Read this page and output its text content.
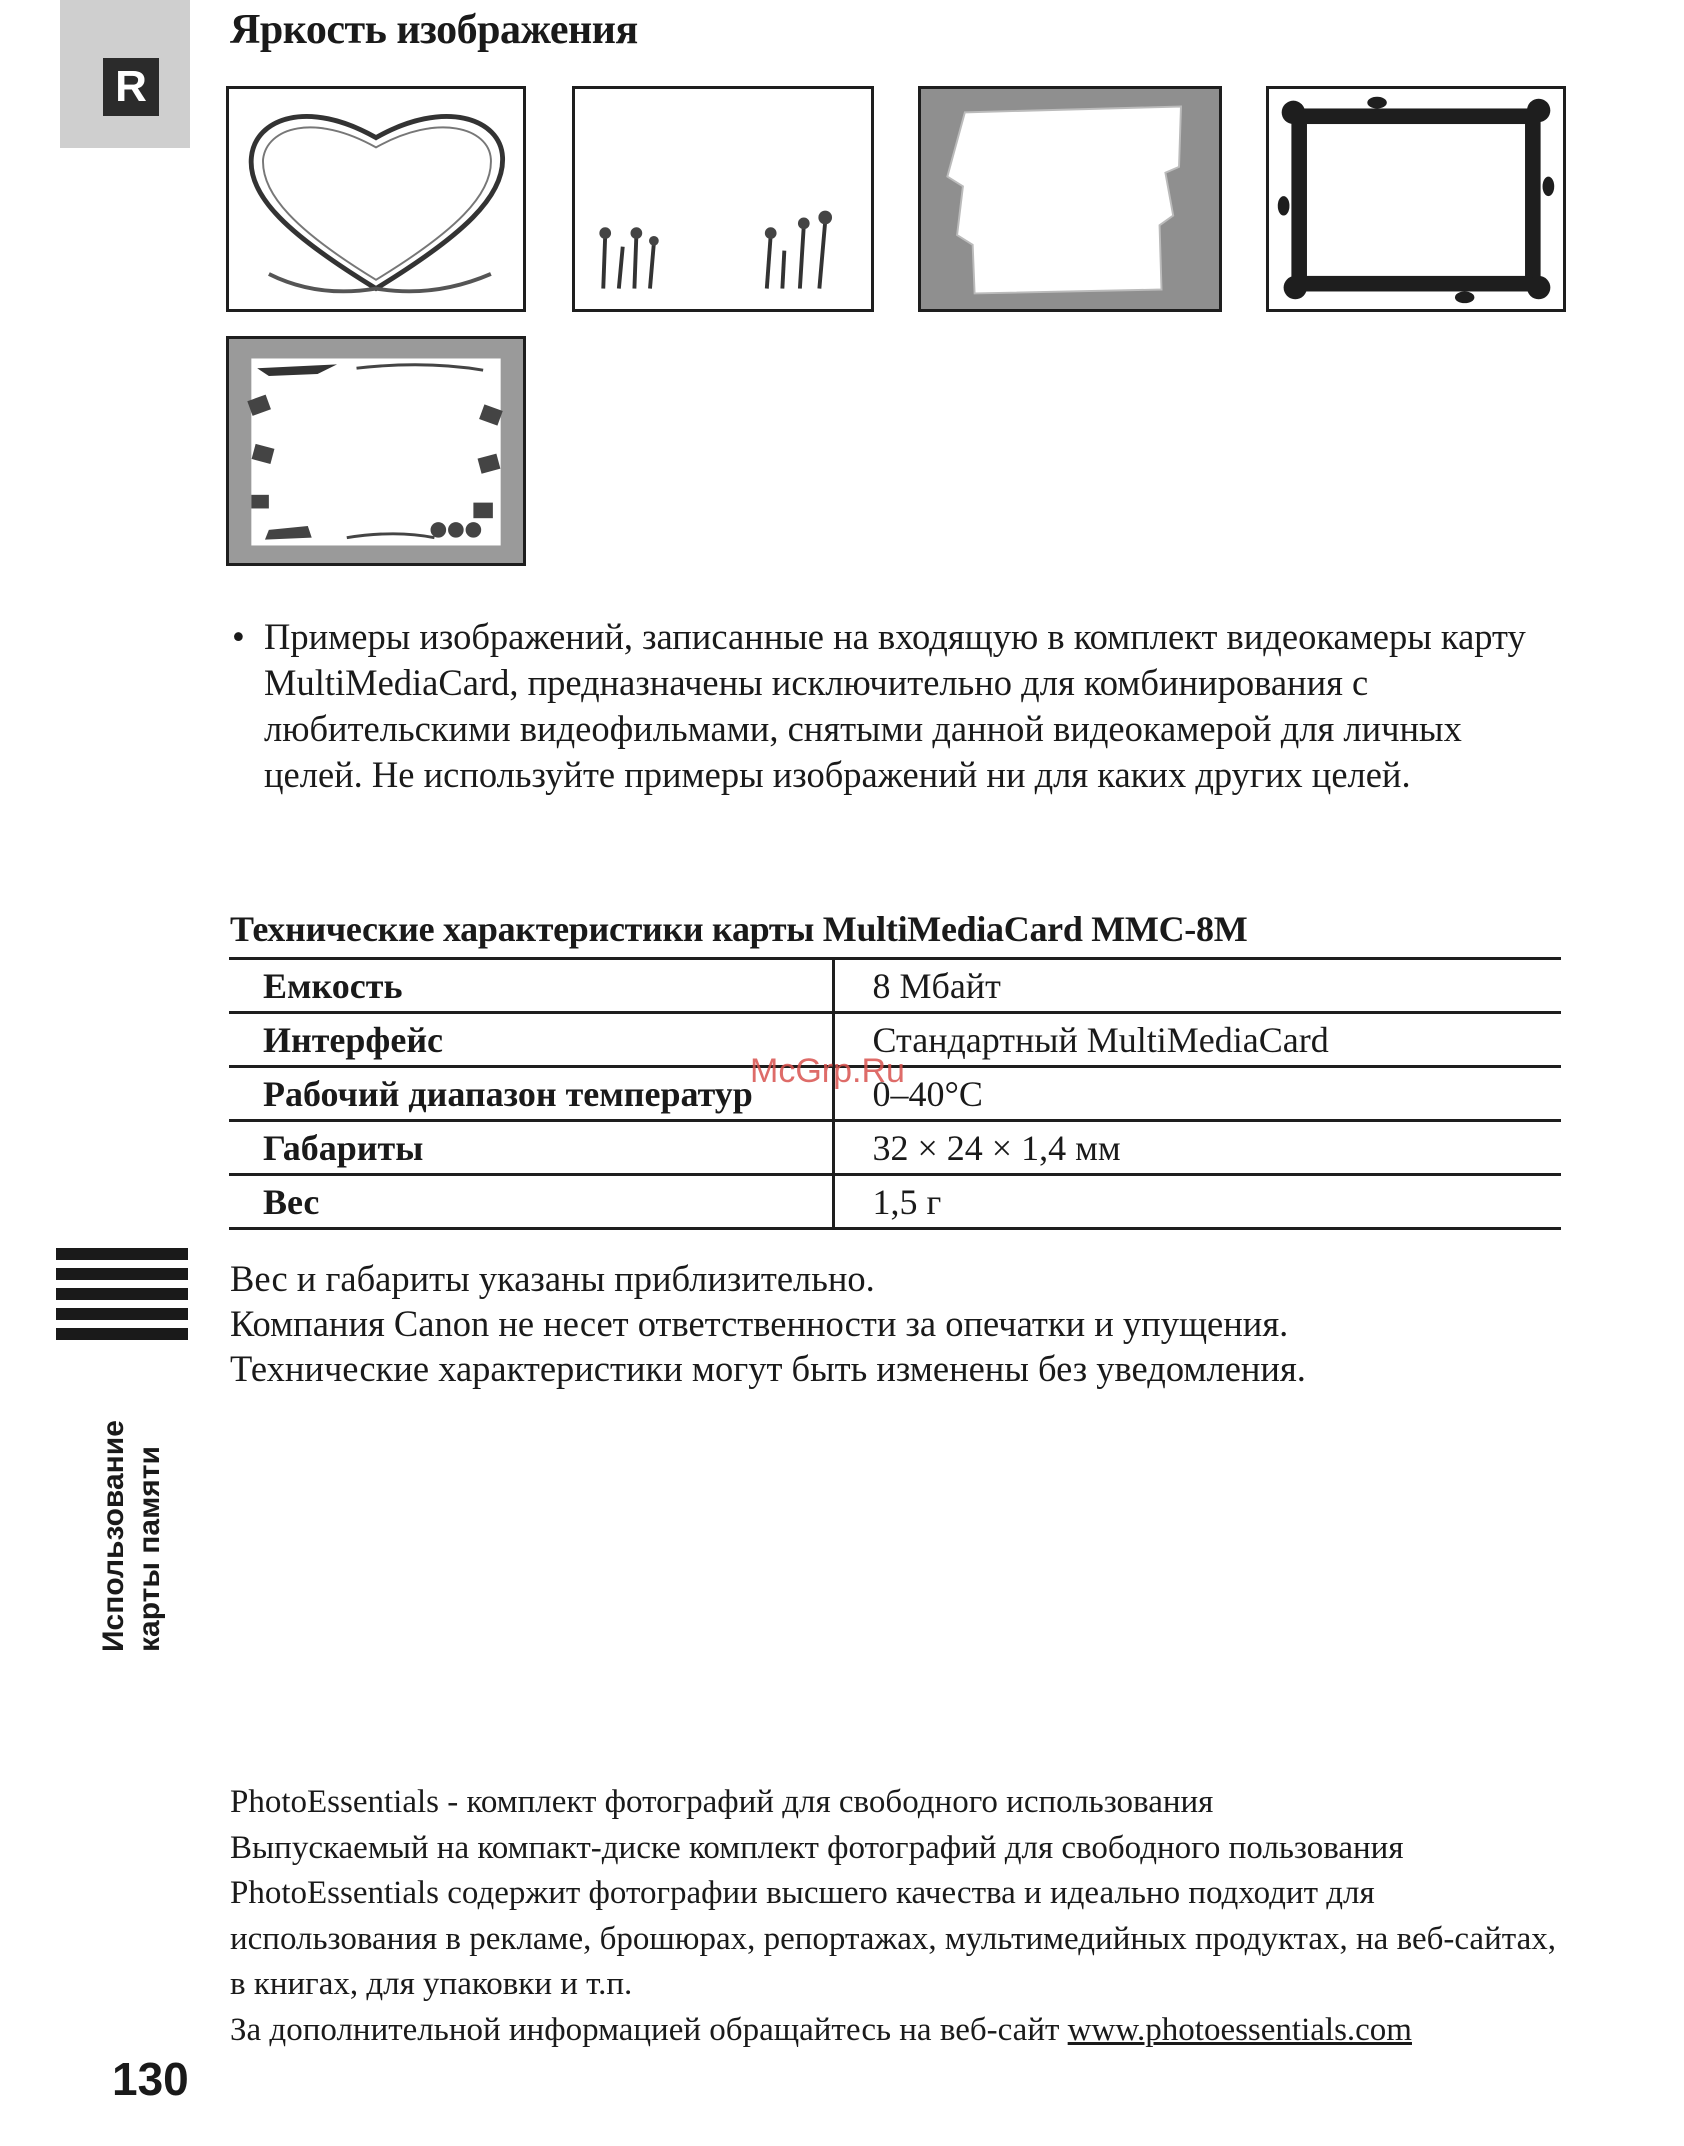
R
Яркость изображения
• Примеры изображений, записанные на входящую в комплект видеокамеры карту MultiMediaCard, предназначены исключительно для комбинирования с любительскими видеофильмами, снятыми данной видеокамерой для личных целей. Не используйте примеры изображений ни для каких других целей.
Технические характеристики карты MultiMediaCard MMC-8M
Емкость	8 Мбайт
Интерфейс	Стандартный MultiMediaCard
Рабочий диапазон температур	0–40°C
Габариты	32 × 24 × 1,4 мм
Вес	1,5 г
McGrp.Ru
Вес и габариты указаны приблизительно.
Компания Canon не несет ответственности за опечатки и упущения.
Технические характеристики могут быть изменены без уведомления.
Использование карты памяти
PhotoEssentials - комплект фотографий для свободного использования
Выпускаемый на компакт-диске комплект фотографий для свободного пользования PhotoEssentials содержит фотографии высшего качества и идеально подходит для использования в рекламе, брошюрах, репортажах, мультимедийных продуктах, на веб-сайтах, в книгах, для упаковки и т.п.
За дополнительной информацией обращайтесь на веб-сайт www.photoessentials.com
130
